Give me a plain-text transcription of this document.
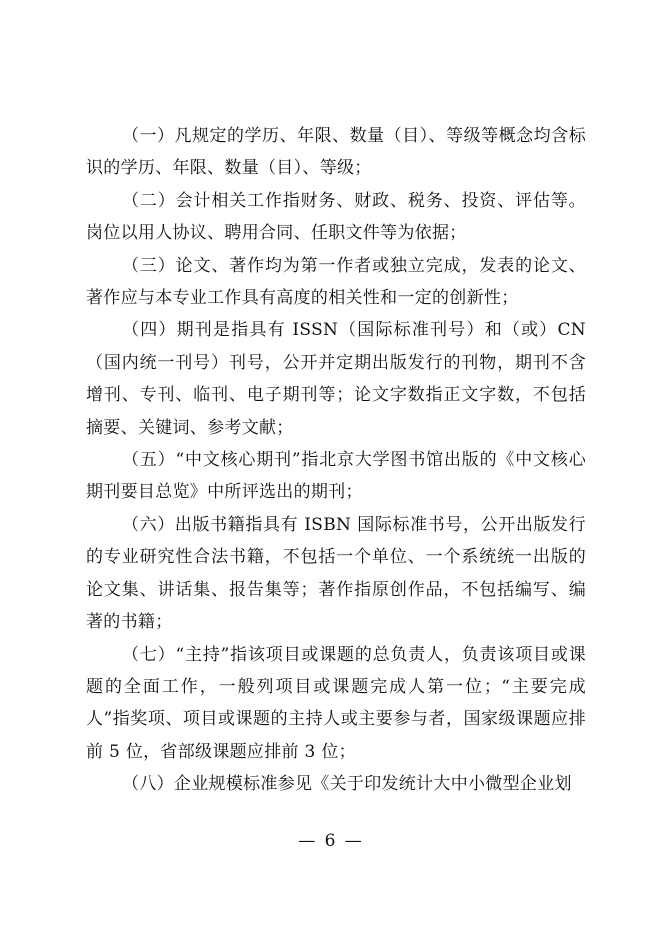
（一）凡规定的学历、年限、数量（目）、等级等概念均含标识的学历、年限、数量（目）、等级；

（二）会计相关工作指财务、财政、税务、投资、评估等。岗位以用人协议、聘用合同、任职文件等为依据；

（三）论文、著作均为第一作者或独立完成，发表的论文、著作应与本专业工作具有高度的相关性和一定的创新性；

（四）期刊是指具有 ISSN（国际标准刊号）和（或）CN（国内统一刊号）刊号，公开并定期出版发行的刊物，期刊不含增刊、专刊、临刊、电子期刊等；论文字数指正文字数，不包括摘要、关键词、参考文献；

（五）“中文核心期刊”指北京大学图书馆出版的《中文核心期刊要目总览》中所评选出的期刊；

（六）出版书籍指具有 ISBN 国际标准书号，公开出版发行的专业研究性合法书籍，不包括一个单位、一个系统统一出版的论文集、讲话集、报告集等；著作指原创作品，不包括编写、编著的书籍；

（七）“主持”指该项目或课题的总负责人，负责该项目或课题的全面工作，一般列项目或课题完成人第一位；“主要完成人”指奖项、项目或课题的主持人或主要参与者，国家级课题应排前 5 位，省部级课题应排前 3 位；

（八）企业规模标准参见《关于印发统计大中小微型企业划

— 6 —
